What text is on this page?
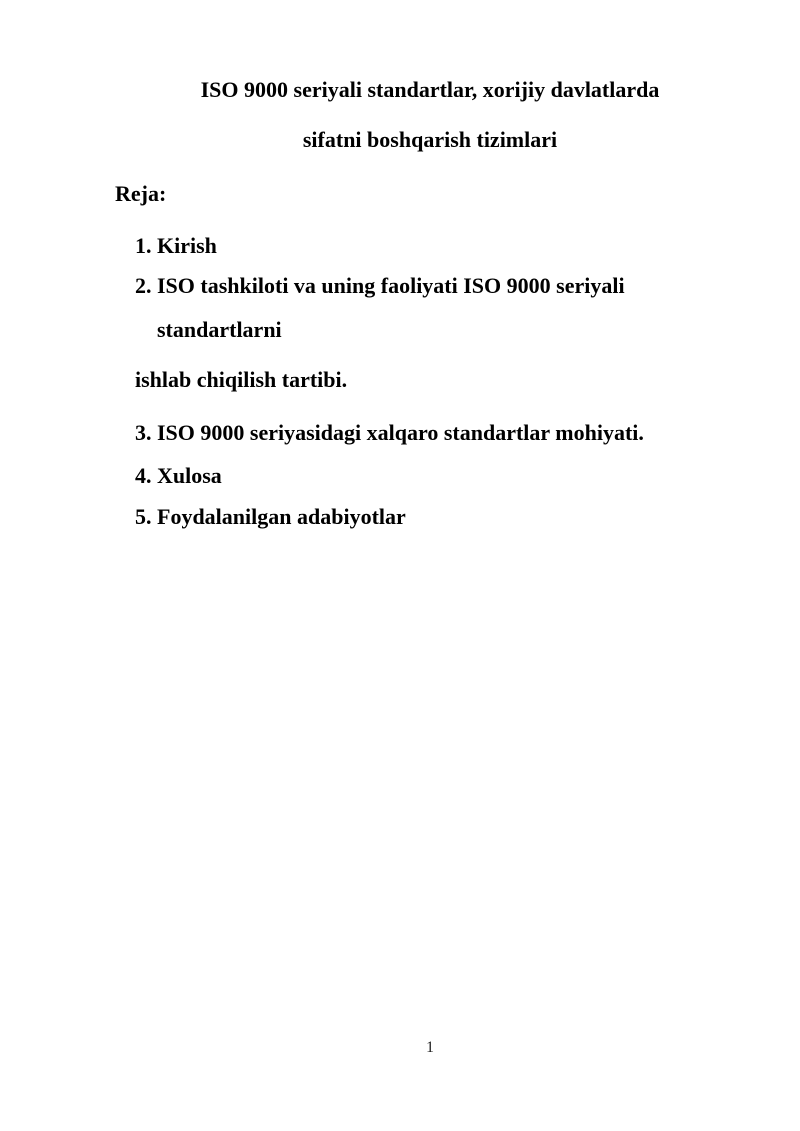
ISO 9000 seriyali standartlar, xorijiy davlatlarda
sifatni boshqarish tizimlari
Reja:
1. Kirish
2. ISO tashkiloti va uning faoliyati ISO 9000 seriyali
standartlarni
ishlab chiqilish tartibi.
3. ISO 9000 seriyasidagi xalqaro standartlar mohiyati.
4. Xulosa
5. Foydalanilgan adabiyotlar
1
